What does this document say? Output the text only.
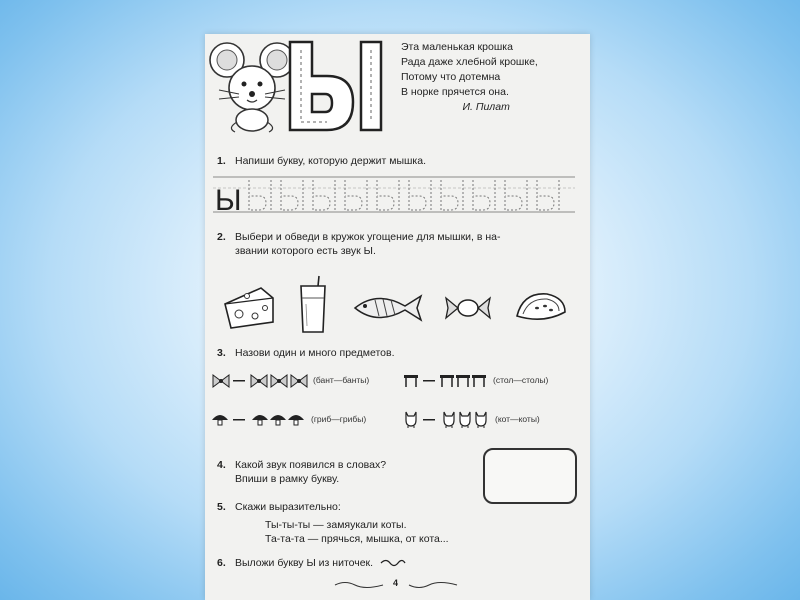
Эта маленькая крошка
Рада даже хлебной крошке,
Потому что дотемна
В норке прячется она.
И. Пилат
1. Напиши букву, которую держит мышка.
Ы
2. Выбери и обведи в кружок угощение для мышки, в на-
звании которого есть звук Ы.
3. Назови один и много предметов.
(бант—банты)	(стол—столы)
(гриб—грибы)	(кот—коты)
4. Какой звук появился в словах?
Впиши в рамку букву.
5. Скажи выразительно:
Ты-ты-ты — замяукали коты.
Та-та-та — прячься, мышка, от кота...
6. Выложи букву Ы из ниточек.
4
